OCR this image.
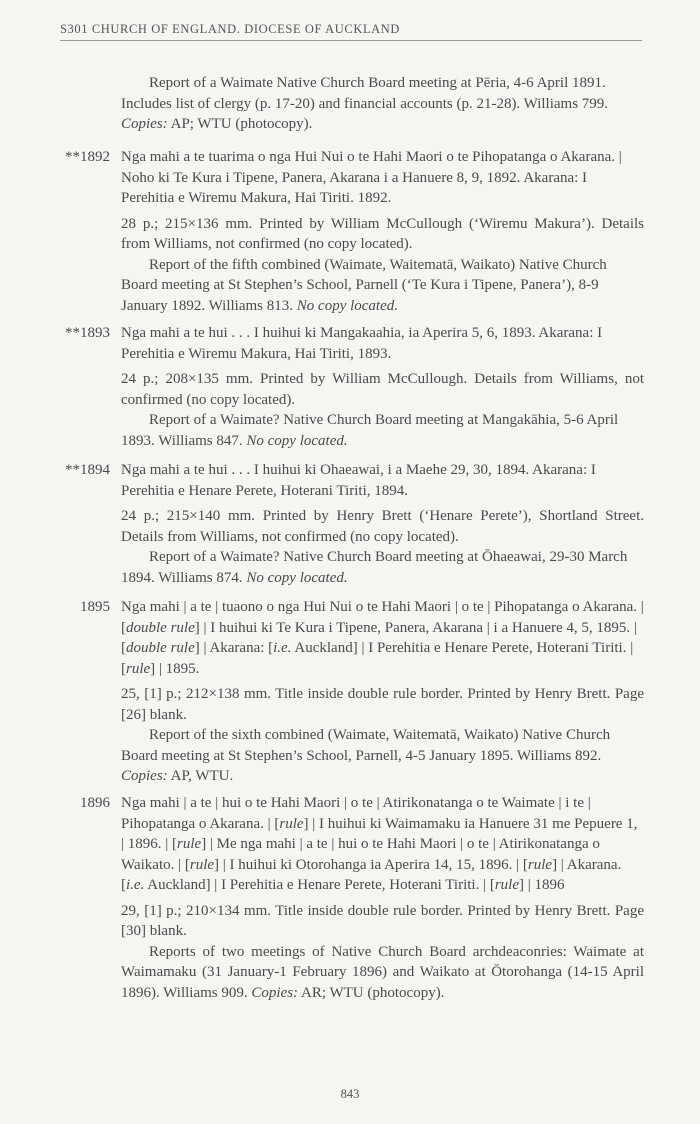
S301 CHURCH OF ENGLAND. DIOCESE OF AUCKLAND

Report of a Waimate Native Church Board meeting at Pēria, 4-6 April 1891. Includes list of clergy (p. 17-20) and financial accounts (p. 21-28). Williams 799. Copies: AP; WTU (photocopy).

**1892 Nga mahi a te tuarima o nga Hui Nui o te Hahi Maori o te Pihopatanga o Akarana. | Noho ki Te Kura i Tipene, Panera, Akarana i a Hanuere 8, 9, 1892. Akarana: I Perehitia e Wiremu Makura, Hai Tiriti. 1892.

28 p.; 215×136 mm. Printed by William McCullough (‘Wiremu Makura’). Details from Williams, not confirmed (no copy located).

Report of the fifth combined (Waimate, Waitematā, Waikato) Native Church Board meeting at St Stephen’s School, Parnell (‘Te Kura i Tipene, Panera’), 8-9 January 1892. Williams 813. No copy located.

**1893 Nga mahi a te hui . . . I huihui ki Mangakaahia, ia Aperira 5, 6, 1893. Akarana: I Perehitia e Wiremu Makura, Hai Tiriti, 1893.

24 p.; 208×135 mm. Printed by William McCullough. Details from Williams, not confirmed (no copy located).

Report of a Waimate? Native Church Board meeting at Mangakāhia, 5-6 April 1893. Williams 847. No copy located.

**1894 Nga mahi a te hui . . . I huihui ki Ohaeawai, i a Maehe 29, 30, 1894. Akarana: I Perehitia e Henare Perete, Hoterani Tiriti, 1894.

24 p.; 215×140 mm. Printed by Henry Brett (‘Henare Perete’), Shortland Street. Details from Williams, not confirmed (no copy located).

Report of a Waimate? Native Church Board meeting at Ōhaeawai, 29-30 March 1894. Williams 874. No copy located.

1895 Nga mahi | a te | tuaono o nga Hui Nui o te Hahi Maori | o te | Pihopatanga o Akarana. | [double rule] | I huihui ki Te Kura i Tipene, Panera, Akarana | i a Hanuere 4, 5, 1895. | [double rule] | Akarana: [i.e. Auckland] | I Perehitia e Henare Perete, Hoterani Tiriti. | [rule] | 1895.

25, [1] p.; 212×138 mm. Title inside double rule border. Printed by Henry Brett. Page [26] blank.

Report of the sixth combined (Waimate, Waitematā, Waikato) Native Church Board meeting at St Stephen’s School, Parnell, 4-5 January 1895. Williams 892. Copies: AP, WTU.

1896 Nga mahi | a te | hui o te Hahi Maori | o te | Atirikonatanga o te Waimate | i te | Pihopatanga o Akarana. | [rule] | I huihui ki Waimamaku ia Hanuere 31 me Pepuere 1, | 1896. | [rule] | Me nga mahi | a te | hui o te Hahi Maori | o te | Atirikonatanga o Waikato. | [rule] | I huihui ki Otorohanga ia Aperira 14, 15, 1896. | [rule] | Akarana. [i.e. Auckland] | I Perehitia e Henare Perete, Hoterani Tiriti. | [rule] | 1896

29, [1] p.; 210×134 mm. Title inside double rule border. Printed by Henry Brett. Page [30] blank.

Reports of two meetings of Native Church Board archdeaconries: Waimate at Waimamaku (31 January-1 February 1896) and Waikato at Ōtorohanga (14-15 April 1896). Williams 909. Copies: AR; WTU (photocopy).

843
